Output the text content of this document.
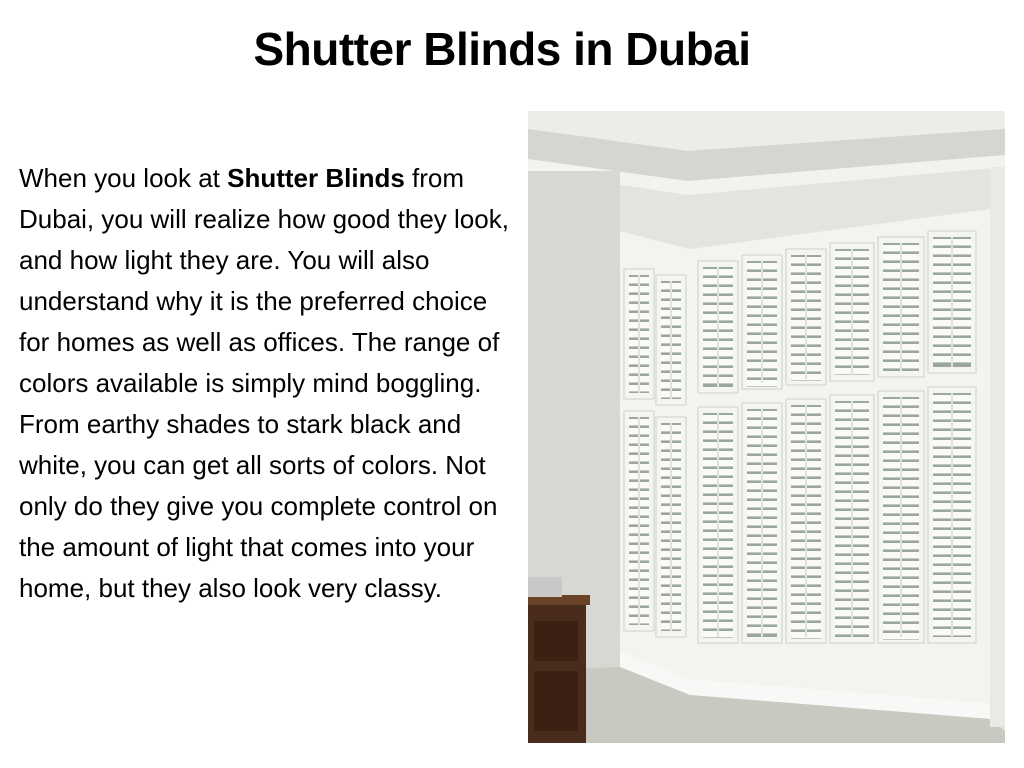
Shutter Blinds in Dubai
When you look at Shutter Blinds from Dubai, you will realize how good they look, and how light they are. You will also understand why it is the preferred choice for homes as well as offices. The range of colors available is simply mind boggling. From earthy shades to stark black and white, you can get all sorts of colors. Not only do they give you complete control on the amount of light that comes into your home, but they also look very classy.
